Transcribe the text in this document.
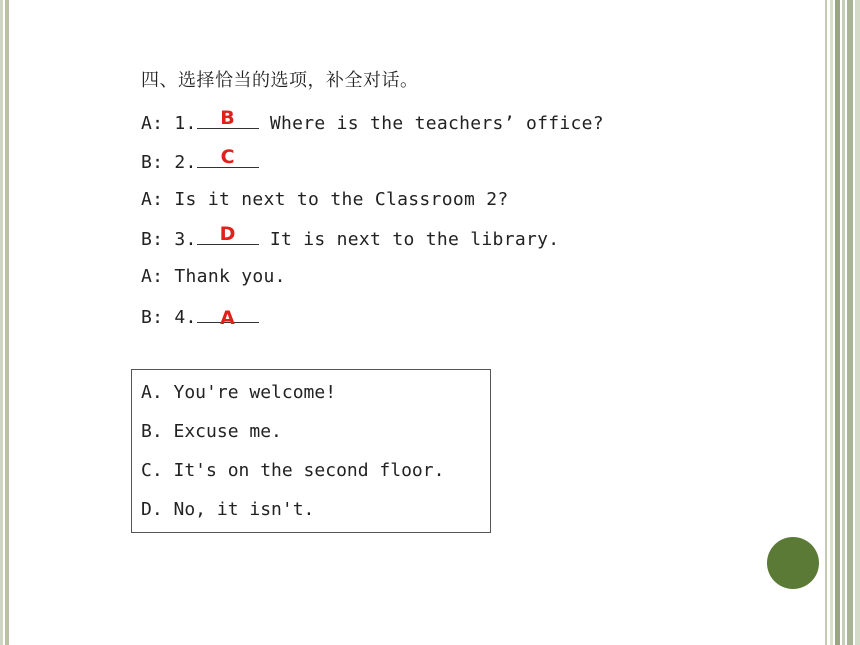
四、选择恰当的选项，补全对话。
A: 1.	B	Where is the teachers’ office?
B: 2.	C
A: Is it next to the Classroom 2?
B: 3.	D	It is next to the library.
A: Thank you.
B: 4.	A
A. You're welcome!
B. Excuse me.
C. It's on the second floor.
D. No, it isn't.
